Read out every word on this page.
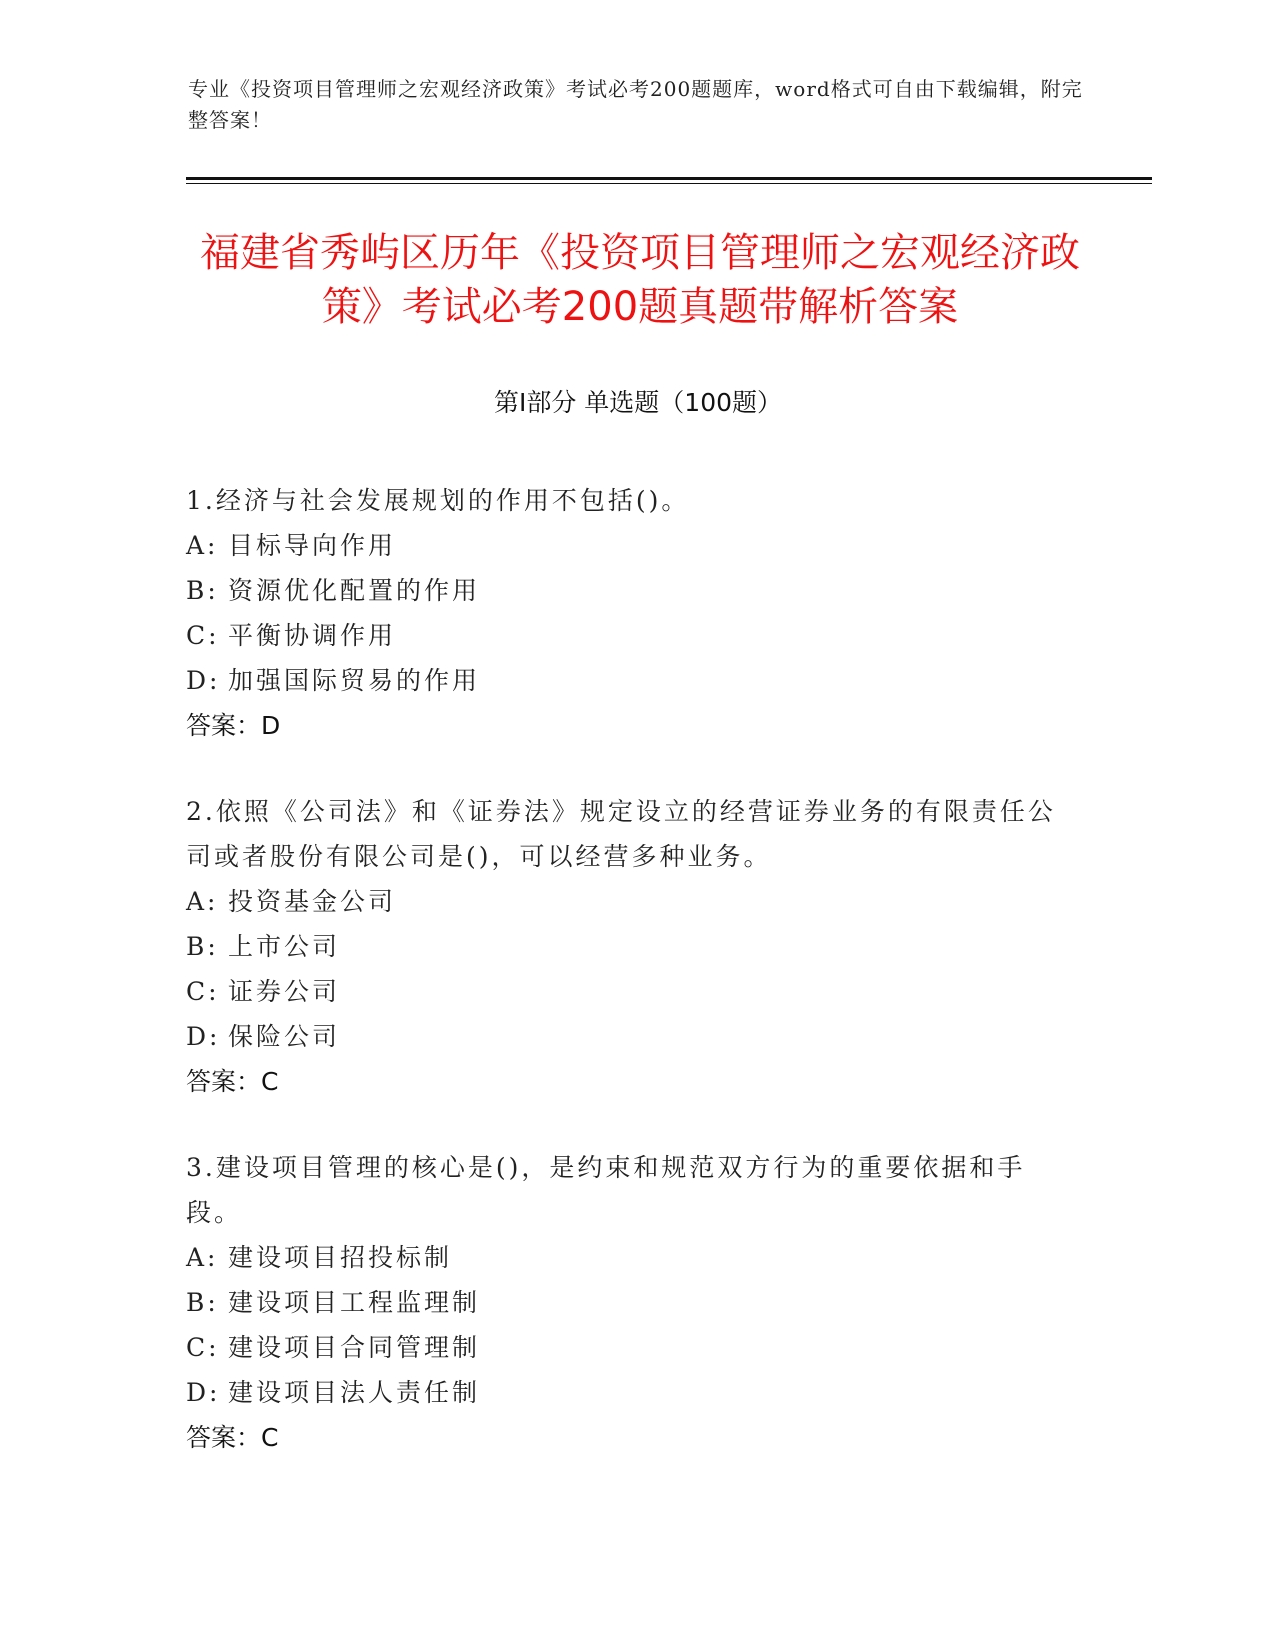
专业《投资项目管理师之宏观经济政策》考试必考200题题库，word格式可自由下载编辑，附完整答案！
福建省秀屿区历年《投资项目管理师之宏观经济政策》考试必考200题真题带解析答案
第I部分 单选题（100题）
1.经济与社会发展规划的作用不包括()。
A: 目标导向作用
B: 资源优化配置的作用
C: 平衡协调作用
D: 加强国际贸易的作用
答案：D
2.依照《公司法》和《证券法》规定设立的经营证券业务的有限责任公司或者股份有限公司是()，可以经营多种业务。
A: 投资基金公司
B: 上市公司
C: 证券公司
D: 保险公司
答案：C
3.建设项目管理的核心是()，是约束和规范双方行为的重要依据和手段。
A: 建设项目招投标制
B: 建设项目工程监理制
C: 建设项目合同管理制
D: 建设项目法人责任制
答案：C
